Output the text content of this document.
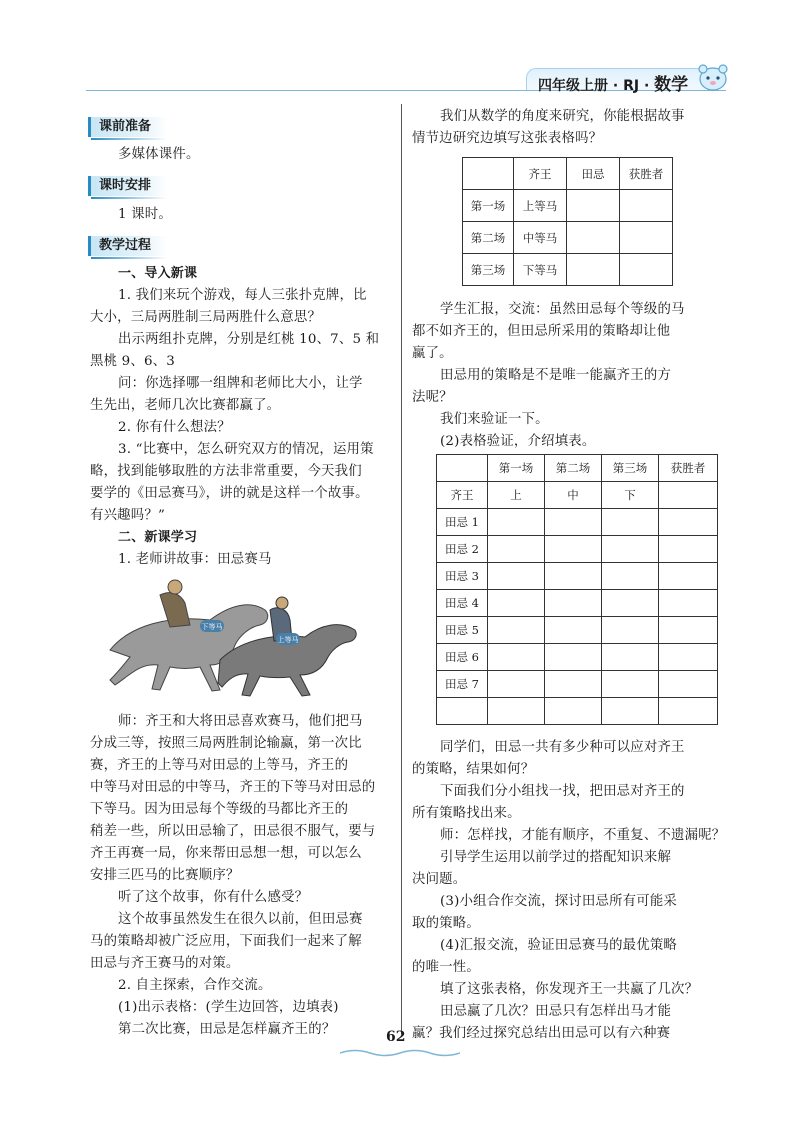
四年级上册 · RJ · 数学
课前准备
多媒体课件。
课时安排
1 课时。
教学过程
一、导入新课
1. 我们来玩个游戏，每人三张扑克牌，比
大小，三局两胜制三局两胜什么意思？
出示两组扑克牌，分别是红桃 10、7、5 和
黑桃 9、6、3
问：你选择哪一组牌和老师比大小，让学
生先出，老师几次比赛都赢了。
2. 你有什么想法？
3. “比赛中，怎么研究双方的情况，运用策
略，找到能够取胜的方法非常重要，今天我们
要学的《田忌赛马》，讲的就是这样一个故事。
有兴趣吗？”
二、新课学习
1. 老师讲故事：田忌赛马
下等马
上等马
师：齐王和大将田忌喜欢赛马，他们把马
分成三等，按照三局两胜制论输赢，第一次比
赛，齐王的上等马对田忌的上等马，齐王的
中等马对田忌的中等马，齐王的下等马对田忌的
下等马。因为田忌每个等级的马都比齐王的
稍差一些，所以田忌输了，田忌很不服气，要与
齐王再赛一局，你来帮田忌想一想，可以怎么
安排三匹马的比赛顺序？
听了这个故事，你有什么感受？
这个故事虽然发生在很久以前，但田忌赛
马的策略却被广泛应用，下面我们一起来了解
田忌与齐王赛马的对策。
2. 自主探索，合作交流。
(1)出示表格：(学生边回答，边填表)
第二次比赛，田忌是怎样赢齐王的？
我们从数学的角度来研究，你能根据故事
情节边研究边填写这张表格吗？
	齐王	田忌	获胜者
第一场	上等马		
第二场	中等马		
第三场	下等马		
学生汇报，交流：虽然田忌每个等级的马
都不如齐王的，但田忌所采用的策略却让他
赢了。
田忌用的策略是不是唯一能赢齐王的方
法呢？
我们来验证一下。
(2)表格验证，介绍填表。
	第一场	第二场	第三场	获胜者
齐王	上	中	下	
田忌 1				
田忌 2				
田忌 3				
田忌 4				
田忌 5				
田忌 6				
田忌 7				

同学们，田忌一共有多少种可以应对齐王
的策略，结果如何？
下面我们分小组找一找，把田忌对齐王的
所有策略找出来。
师：怎样找，才能有顺序，不重复、不遗漏呢？
引导学生运用以前学过的搭配知识来解
决问题。
(3)小组合作交流，探讨田忌所有可能采
取的策略。
(4)汇报交流，验证田忌赛马的最优策略
的唯一性。
填了这张表格，你发现齐王一共赢了几次？
田忌赢了几次？田忌只有怎样出马才能
赢？我们经过探究总结出田忌可以有六种赛
62
